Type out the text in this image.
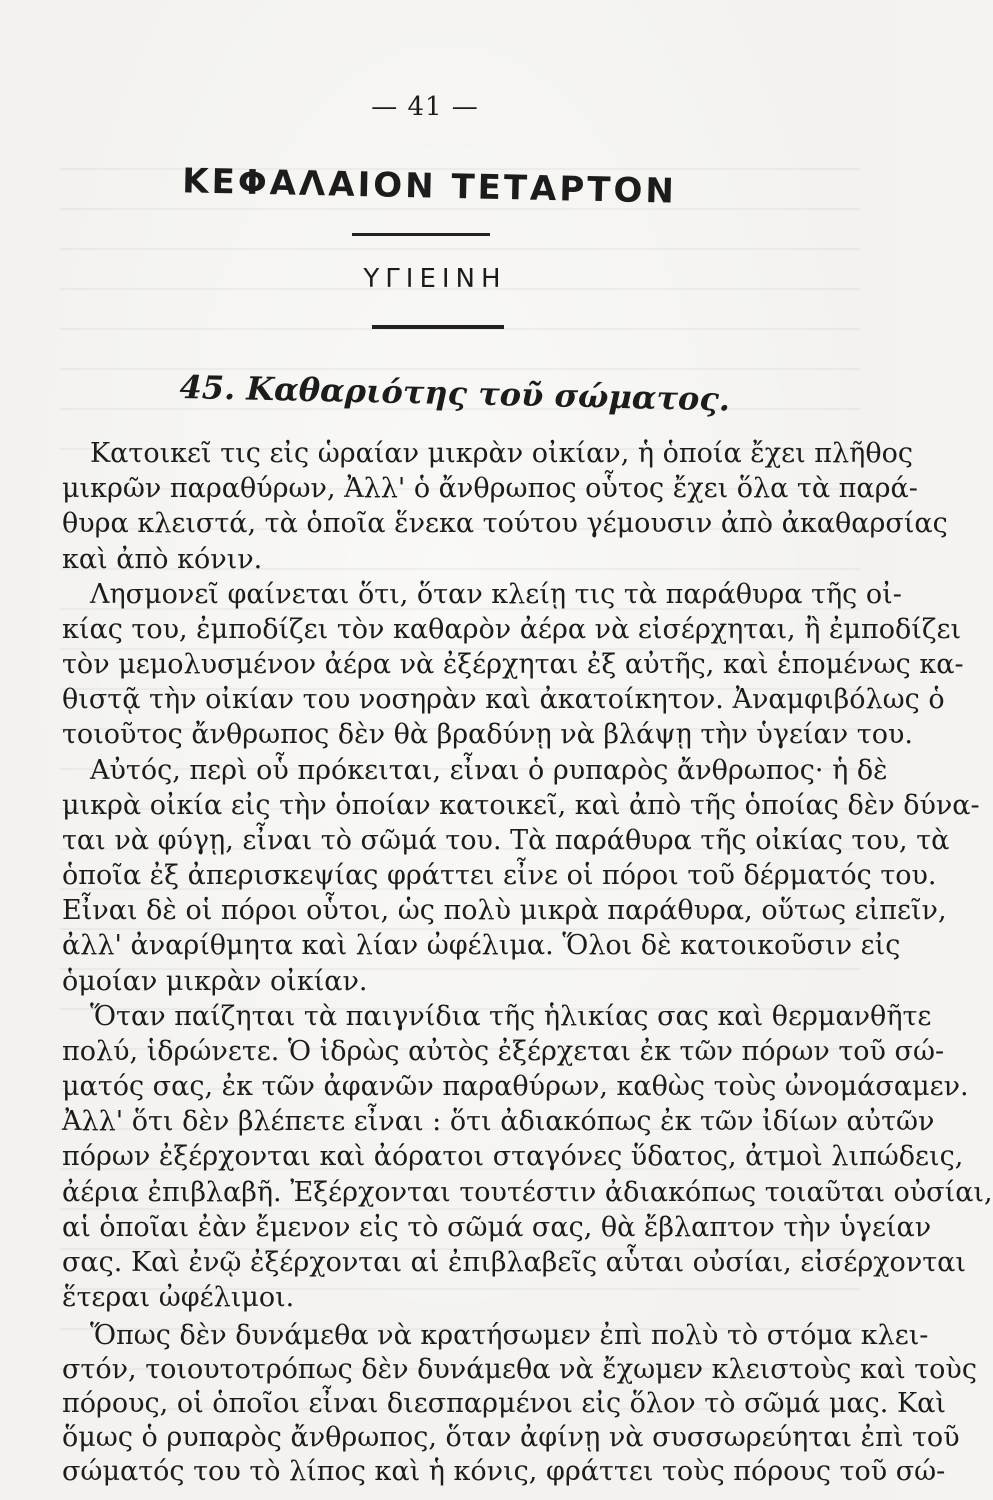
— 41 —
ΚΕΦΑΛΑΙΟΝ ΤΕΤΑΡΤΟΝ
ΥΓΙΕΙΝΗ
45. Καθαριότης τοῦ σώματος.
Κατοικεῖ τις εἰς ὡραίαν μικρὰν οἰκίαν, ἡ ὁποία ἔχει πλῆθος
μικρῶν παραθύρων, Ἀλλ' ὁ ἄνθρωπος οὗτος ἔχει ὅλα τὰ παρά-
θυρα κλειστά, τὰ ὁποῖα ἕνεκα τούτου γέμουσιν ἀπὸ ἀκαθαρσίας
καὶ ἀπὸ κόνιν.
Λησμονεῖ φαίνεται ὅτι, ὅταν κλείῃ τις τὰ παράθυρα τῆς οἰ-
κίας του, ἐμποδίζει τὸν καθαρὸν ἀέρα νὰ εἰσέρχηται, ἢ ἐμποδίζει
τὸν μεμολυσμένον ἀέρα νὰ ἐξέρχηται ἐξ αὐτῆς, καὶ ἑπομένως κα-
θιστᾷ τὴν οἰκίαν του νοσηρὰν καὶ ἀκατοίκητον. Ἀναμφιβόλως ὁ
τοιοῦτος ἄνθρωπος δὲν θὰ βραδύνῃ νὰ βλάψῃ τὴν ὑγείαν του.
Αὐτός, περὶ οὗ πρόκειται, εἶναι ὁ ρυπαρὸς ἄνθρωπος· ἡ δὲ
μικρὰ οἰκία εἰς τὴν ὁποίαν κατοικεῖ, καὶ ἀπὸ τῆς ὁποίας δὲν δύνα-
ται νὰ φύγῃ, εἶναι τὸ σῶμά του. Τὰ παράθυρα τῆς οἰκίας του, τὰ
ὁποῖα ἐξ ἀπερισκεψίας φράττει εἶνε οἱ πόροι τοῦ δέρματός του.
Εἶναι δὲ οἱ πόροι οὗτοι, ὡς πολὺ μικρὰ παράθυρα, οὕτως εἰπεῖν,
ἀλλ' ἀναρίθμητα καὶ λίαν ὠφέλιμα. Ὅλοι δὲ κατοικοῦσιν εἰς
ὁμοίαν μικρὰν οἰκίαν.
Ὅταν παίζηται τὰ παιγνίδια τῆς ἡλικίας σας καὶ θερμανθῆτε
πολύ, ἱδρώνετε. Ὁ ἱδρὼς αὐτὸς ἐξέρχεται ἐκ τῶν πόρων τοῦ σώ-
ματός σας, ἐκ τῶν ἀφανῶν παραθύρων, καθὼς τοὺς ὠνομάσαμεν.
Ἀλλ' ὅτι δὲν βλέπετε εἶναι : ὅτι ἀδιακόπως ἐκ τῶν ἰδίων αὐτῶν
πόρων ἐξέρχονται καὶ ἀόρατοι σταγόνες ὕδατος, ἀτμοὶ λιπώδεις,
ἀέρια ἐπιβλαβῆ. Ἐξέρχονται τουτέστιν ἀδιακόπως τοιαῦται οὐσίαι,
αἱ ὁποῖαι ἐὰν ἔμενον εἰς τὸ σῶμά σας, θὰ ἔβλαπτον τὴν ὑγείαν
σας. Καὶ ἐνῷ ἐξέρχονται αἱ ἐπιβλαβεῖς αὗται οὐσίαι, εἰσέρχονται
ἕτεραι ὠφέλιμοι.
Ὅπως δὲν δυνάμεθα νὰ κρατήσωμεν ἐπὶ πολὺ τὸ στόμα κλει-
στόν, τοιουτοτρόπως δὲν δυνάμεθα νὰ ἔχωμεν κλειστοὺς καὶ τοὺς
πόρους, οἱ ὁποῖοι εἶναι διεσπαρμένοι εἰς ὅλον τὸ σῶμά μας. Καὶ
ὅμως ὁ ρυπαρὸς ἄνθρωπος, ὅταν ἀφίνῃ νὰ συσσωρεύηται ἐπὶ τοῦ
σώματός του τὸ λίπος καὶ ἡ κόνις, φράττει τοὺς πόρους τοῦ σώ-
